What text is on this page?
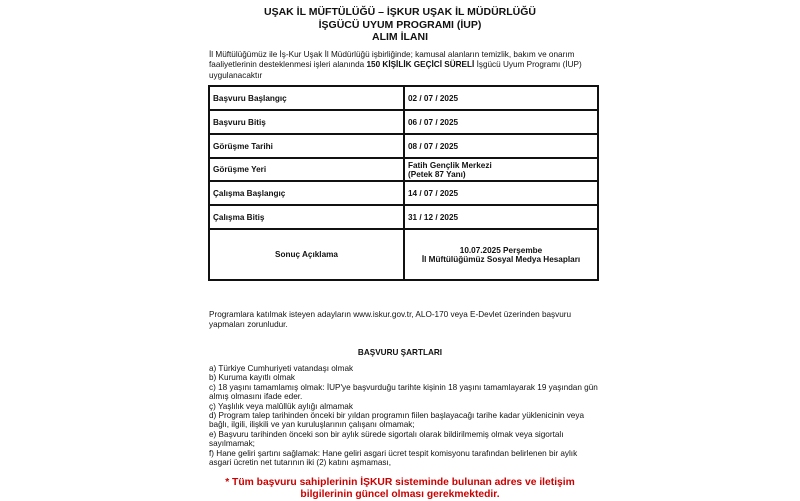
UŞAK İL MÜFTÜLÜĞÜ – İŞKUR UŞAK İL MÜDÜRLÜĞÜ
İŞGÜCÜ UYUM PROGRAMI (İUP)
ALIM İLANI
İl Müftülüğümüz ile İş-Kur Uşak İl Müdürlüğü işbirliğinde; kamusal alanların temizlik, bakım ve onarım faaliyetlerinin desteklenmesi işleri alanında 150 KİŞİLİK GEÇİCİ SÜRELİ İşgücü Uyum Programı (İUP) uygulanacaktır
Başvuru Başlangıç	02 / 07 / 2025
Başvuru Bitiş	06 / 07 / 2025
Görüşme Tarihi	08 / 07 / 2025
Görüşme Yeri	Fatih Gençlik Merkezi
(Petek 87 Yanı)

Çalışma Başlangıç	14 / 07 / 2025
Çalışma Bitiş	31 / 12 / 2025
Sonuç Açıklama	10.07.2025 Perşembe
İl Müftülüğümüz Sosyal Medya Hesapları
Programlara katılmak isteyen adayların www.iskur.gov.tr, ALO-170 veya E-Devlet üzerinden başvuru yapmaları zorunludur.
BAŞVURU ŞARTLARI
a) Türkiye Cumhuriyeti vatandaşı olmak
b) Kuruma kayıtlı olmak
c) 18 yaşını tamamlamış olmak: İUP'ye başvurduğu tarihte kişinin 18 yaşını tamamlayarak 19 yaşından gün almış olmasını ifade eder.
ç) Yaşlılık veya malûllük aylığı almamak
d) Program talep tarihinden önceki bir yıldan programın fiilen başlayacağı tarihe kadar yüklenicinin veya bağlı, ilgili, ilişkili ve yan kuruluşlarının çalışanı olmamak;
e) Başvuru tarihinden önceki son bir aylık sürede sigortalı olarak bildirilmemiş olmak veya sigortalı sayılmamak;
f) Hane geliri şartını sağlamak: Hane geliri asgari ücret tespit komisyonu tarafından belirlenen bir aylık asgari ücretin net tutarının iki (2) katını aşmaması,
* Tüm başvuru sahiplerinin İŞKUR sisteminde bulunan adres ve iletişim
bilgilerinin güncel olması gerekmektedir.
